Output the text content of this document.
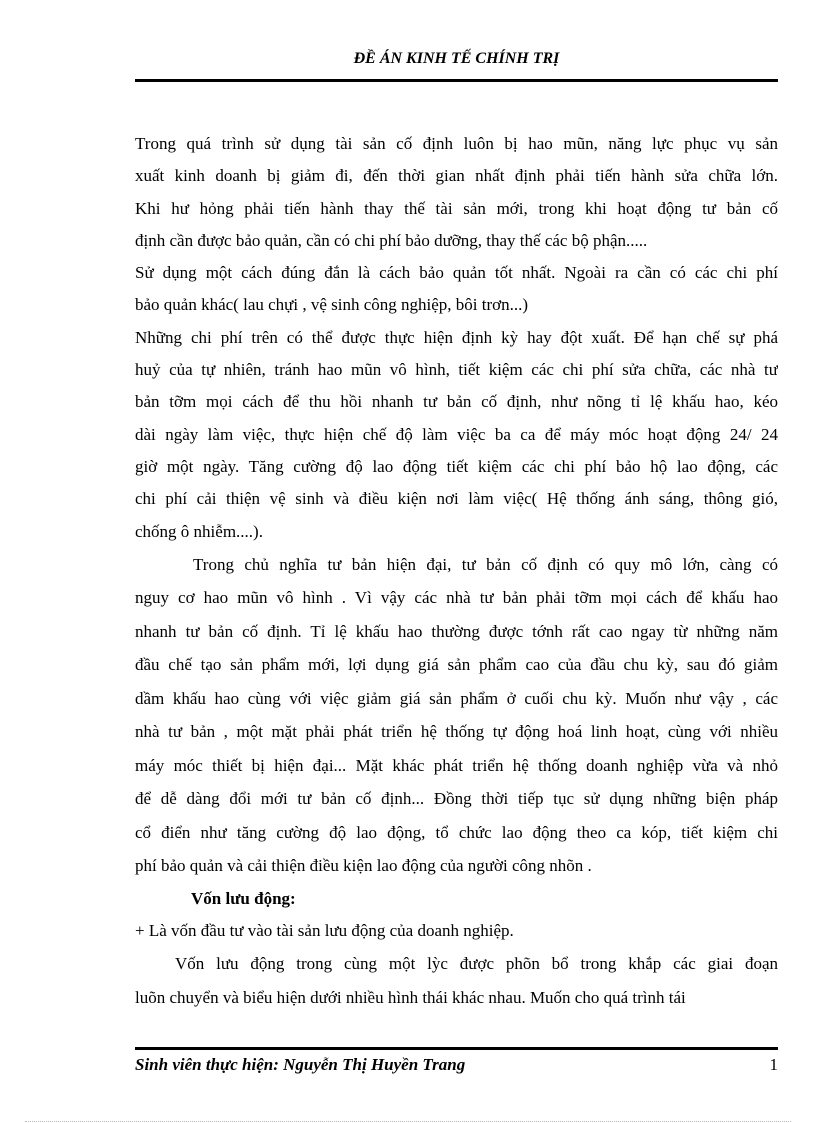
ĐỀ ÁN KINH TẾ CHÍNH TRỊ
Trong quá trình sử dụng tài sản cố định luôn bị hao mũn, năng lực phục vụ sản
xuất kinh doanh bị giảm đi, đến thời gian nhất định phải tiến hành sửa chữa lớn.
Khi hư hỏng phải tiến hành thay thế tài sản mới, trong khi hoạt động tư bản cố
định cần được bảo quản, cần có chi phí bảo dưỡng, thay thế các bộ phận.....
Sử dụng một cách đúng đắn là cách bảo quản tốt nhất. Ngoài ra cần có các chi phí
bảo quản khác( lau chựi , vệ sinh công nghiệp, bôi trơn...)
Những chi phí trên có thể được thực hiện định kỳ hay đột xuất. Để hạn chế sự phá
huỷ của tự nhiên, tránh hao mũn vô hình, tiết kiệm các chi phí sửa chữa, các nhà tư
bản tỡm mọi cách để thu hồi nhanh tư bản cố định, như nõng tỉ lệ khấu hao, kéo
dài ngày làm việc, thực hiện chế độ làm việc ba ca để máy móc hoạt động 24/ 24
giờ một ngày. Tăng cường độ lao động tiết kiệm các chi phí bảo hộ lao động, các
chi phí cải thiện vệ sinh và điều kiện nơi làm việc( Hệ thống ánh sáng, thông gió,
chống ô nhiễm....).
Trong chủ nghĩa tư bản hiện đại, tư bản cố định có quy mô lớn, càng có
nguy cơ hao mũn vô hình . Vì vậy các nhà tư bản phải tỡm mọi cách để khấu hao
nhanh tư bản cố định. Tỉ lệ khấu hao thường được tớnh rất cao ngay từ những năm
đầu chế tạo sản phẩm mới, lợi dụng giá sản phẩm cao của đầu chu kỳ, sau đó giảm
dầm khấu hao cùng với việc giảm giá sản phẩm ở cuối chu kỳ. Muốn như vậy , các
nhà tư bản , một mặt phải phát triển hệ thống tự động hoá linh hoạt, cùng với nhiều
máy móc thiết bị hiện đại... Mặt khác phát triển hệ thống doanh nghiệp vừa và nhỏ
để dễ dàng đổi mới tư bản cố định... Đồng thời tiếp tục sử dụng những biện pháp
cổ điển như tăng cường độ lao động, tổ chức lao động theo ca kóp, tiết kiệm chi
phí bảo quản và cải thiện điều kiện lao động của người công nhõn .
Vốn lưu động:
+ Là vốn đầu tư vào tài sản lưu động của doanh nghiệp.
Vốn lưu động trong cùng một lỳc được phõn bổ trong khắp các giai đoạn
luõn chuyển và biểu hiện dưới nhiều hình thái khác nhau. Muốn cho quá trình tái
Sinh viên thực hiện: Nguyễn Thị Huyền Trang	1
